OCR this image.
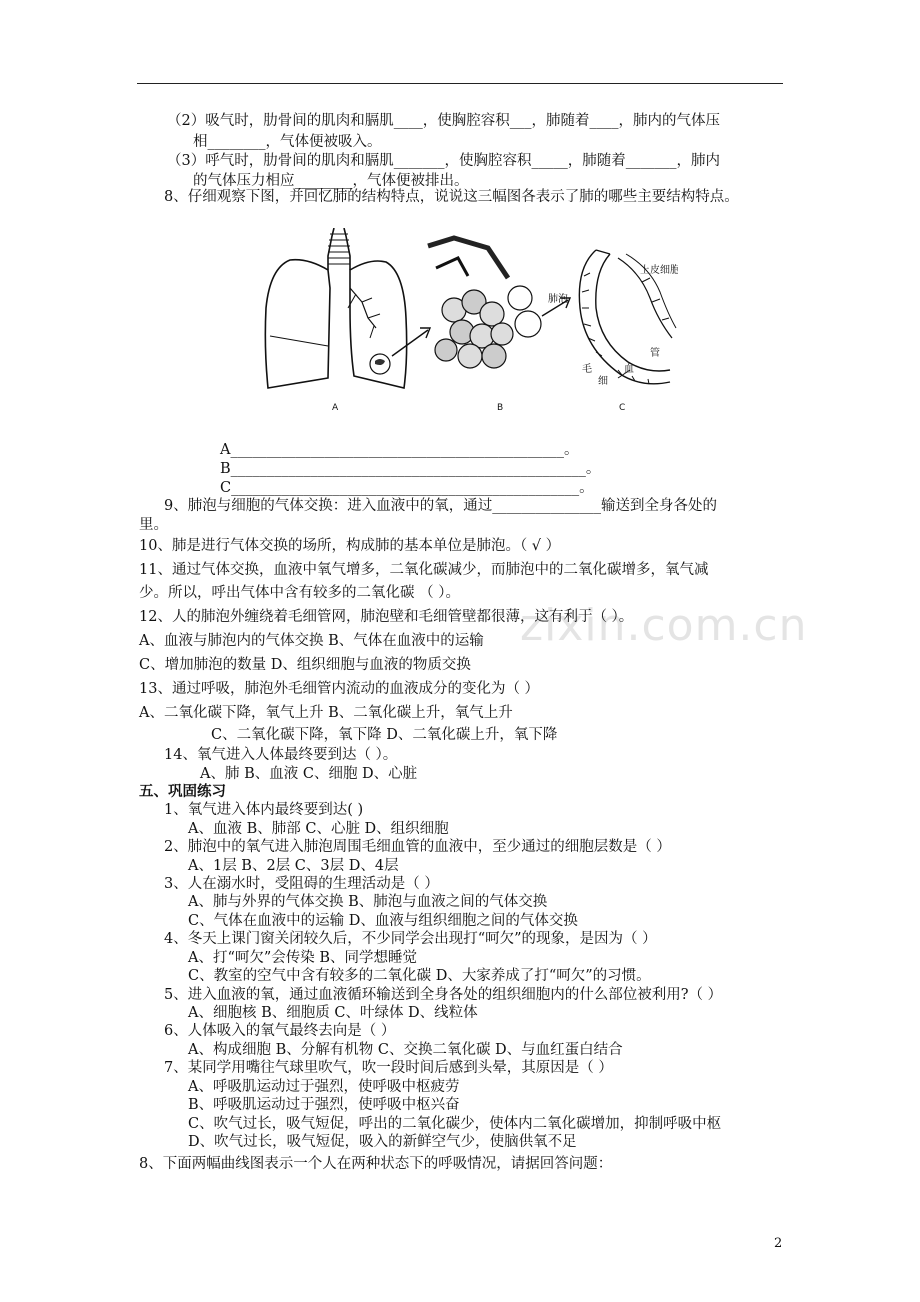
zixin.com.cn
（2）吸气时，肋骨间的肌肉和膈肌____，使胸腔容积___，肺随着____，肺内的气体压
相________，气体便被吸入。
（3）呼气时，肋骨间的肌肉和膈肌_______，使胸腔容积_____，肺随着_______，肺内
的气体压力相应________，气体便被排出。
8、仔细观察下图，并回忆肺的结构特点，说说这三幅图各表示了肺的哪些主要结构特点。
上皮细胞
肺泡
毛
细
血
管
A	B	C
A______________________________________________。
B_________________________________________________。
C________________________________________________。
9、肺泡与细胞的气体交换：进入血液中的氧，通过_______________输送到全身各处的
里。
10、肺是进行气体交换的场所，构成肺的基本单位是肺泡。（ √ ）
11、通过气体交换，血液中氧气增多，二氧化碳减少，而肺泡中的二氧化碳增多，氧气减
少。所以，呼出气体中含有较多的二氧化碳 （ ）。
12、人的肺泡外缠绕着毛细管网，肺泡壁和毛细管壁都很薄，这有利于（ ）。
A、血液与肺泡内的气体交换 B、气体在血液中的运输
C、增加肺泡的数量 D、组织细胞与血液的物质交换
13、通过呼吸，肺泡外毛细管内流动的血液成分的变化为（ ）
A、二氧化碳下降，氧气上升 B、二氧化碳上升，氧气上升
C、二氧化碳下降，氧下降 D、二氧化碳上升，氧下降
14、氧气进入人体最终要到达（ ）。
A、肺 B、血液 C、细胞 D、心脏
五、巩固练习
1、氧气进入体内最终要到达( )
A、血液 B、肺部 C、心脏 D、组织细胞
2、肺泡中的氧气进入肺泡周围毛细血管的血液中，至少通过的细胞层数是（ ）
A、1层 B、2层 C、3层 D、4层
3、人在溺水时，受阻碍的生理活动是（ ）
A、肺与外界的气体交换 B、肺泡与血液之间的气体交换
C、气体在血液中的运输 D、血液与组织细胞之间的气体交换
4、冬天上课门窗关闭较久后，不少同学会出现打“呵欠”的现象，是因为（ ）
A、打“呵欠”会传染 B、同学想睡觉
C、教室的空气中含有较多的二氧化碳 D、大家养成了打“呵欠”的习惯。
5、进入血液的氧，通过血液循环输送到全身各处的组织细胞内的什么部位被利用?（ ）
A、细胞核 B、细胞质 C、叶绿体 D、线粒体
6、人体吸入的氧气最终去向是（ ）
A、构成细胞 B、分解有机物 C、交换二氧化碳 D、与血红蛋白结合
7、某同学用嘴往气球里吹气，吹一段时间后感到头晕，其原因是（ ）
A、呼吸肌运动过于强烈，使呼吸中枢疲劳
B、呼吸肌运动过于强烈，使呼吸中枢兴奋
C、吹气过长，吸气短促，呼出的二氧化碳少，使体内二氧化碳增加，抑制呼吸中枢
D、吹气过长，吸气短促，吸入的新鲜空气少，使脑供氧不足
8、下面两幅曲线图表示一个人在两种状态下的呼吸情况，请据回答问题：
2
